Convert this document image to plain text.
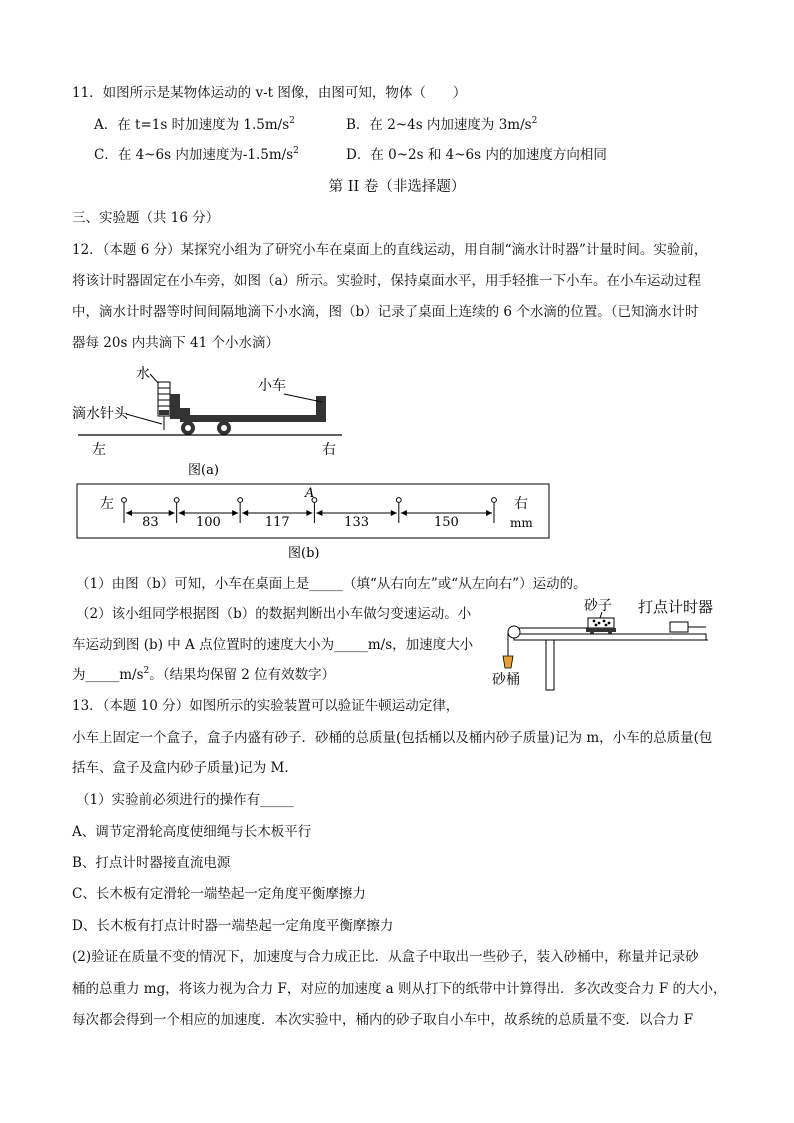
11．如图所示是某物体运动的 v-t 图像，由图可知，物体（　　）
A．在 t=1s 时加速度为 $1.5m/s^2$	B．在 2~4s 内加速度为 $3m/s^2$
C．在 4~6s 内加速度为$-1.5m/s^2$	D．在 0~2s 和 4~6s 内的加速度方向相同
第 II 卷（非选择题）
三、实验题（共 16 分）
12．（本题 6 分）某探究小组为了研究小车在桌面上的直线运动，用自制“滴水计时器”计量时间。实验前，
将该计时器固定在小车旁，如图（a）所示。实验时，保持桌面水平，用手轻推一下小车。在小车运动过程
中，滴水计时器等时间间隔地滴下小水滴，图（b）记录了桌面上连续的 6 个水滴的位置。（已知滴水计时
器每 20s 内共滴下 41 个小水滴）
水
小车
滴水针头
左	右
图(a)
左	右
mm
83	100	117	133	150
A
图(b)
（1）由图（b）可知，小车在桌面上是_____（填“从右向左”或“从左向右”）运动的。
（2）该小组同学根据图（b）的数据判断出小车做匀变速运动。小
车运动到图 (b) 中 A 点位置时的速度大小为_____m/s，加速度大小
为$\_\_\_\_\_m/s^2$。（结果均保留 2 位有效数字）
砂子 打点计时器
砂桶
13．（本题 10 分）如图所示的实验装置可以验证牛顿运动定律，
小车上固定一个盒子，盒子内盛有砂子．砂桶的总质量(包括桶以及桶内砂子质量)记为 m，小车的总质量(包
括车、盒子及盒内砂子质量)记为 M.
（1）实验前必须进行的操作有_____
A、调节定滑轮高度使细绳与长木板平行
B、打点计时器接直流电源
C、长木板有定滑轮一端垫起一定角度平衡摩擦力
D、长木板有打点计时器一端垫起一定角度平衡摩擦力
(2)验证在质量不变的情况下，加速度与合力成正比．从盒子中取出一些砂子，装入砂桶中，称量并记录砂
桶的总重力 mg，将该力视为合力 F，对应的加速度 a 则从打下的纸带中计算得出．多次改变合力 F 的大小，
每次都会得到一个相应的加速度．本次实验中，桶内的砂子取自小车中，故系统的总质量不变．以合力 F
